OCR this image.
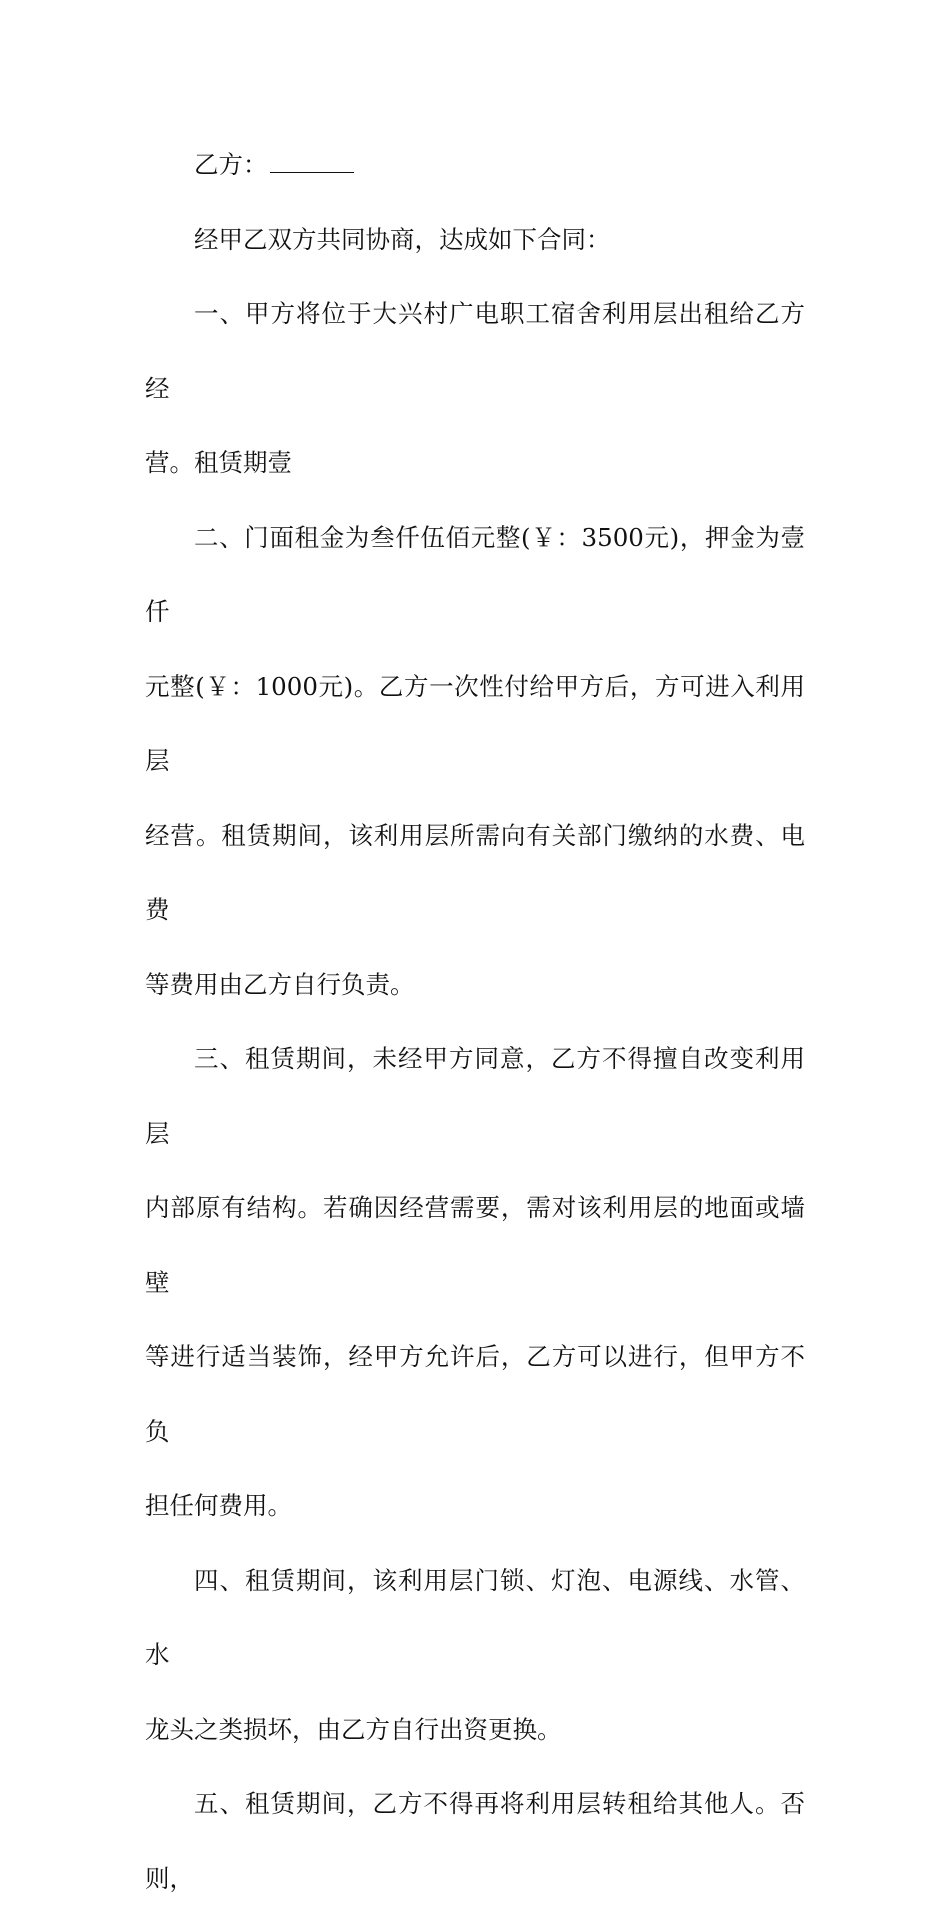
乙方：

经甲乙双方共同协商，达成如下合同：

一、甲方将位于大兴村广电职工宿舍利用层出租给乙方经
营。租赁期壹

二、门面租金为叁仟伍佰元整(￥：3500元)，押金为壹仟
元整(￥：1000元)。乙方一次性付给甲方后，方可进入利用层
经营。租赁期间，该利用层所需向有关部门缴纳的水费、电费
等费用由乙方自行负责。

三、租赁期间，未经甲方同意，乙方不得擅自改变利用层
内部原有结构。若确因经营需要，需对该利用层的地面或墙壁
等进行适当装饰，经甲方允许后，乙方可以进行，但甲方不负
担任何费用。

四、租赁期间，该利用层门锁、灯泡、电源线、水管、水
龙头之类损坏，由乙方自行出资更换。

五、租赁期间，乙方不得再将利用层转租给其他人。否则，
